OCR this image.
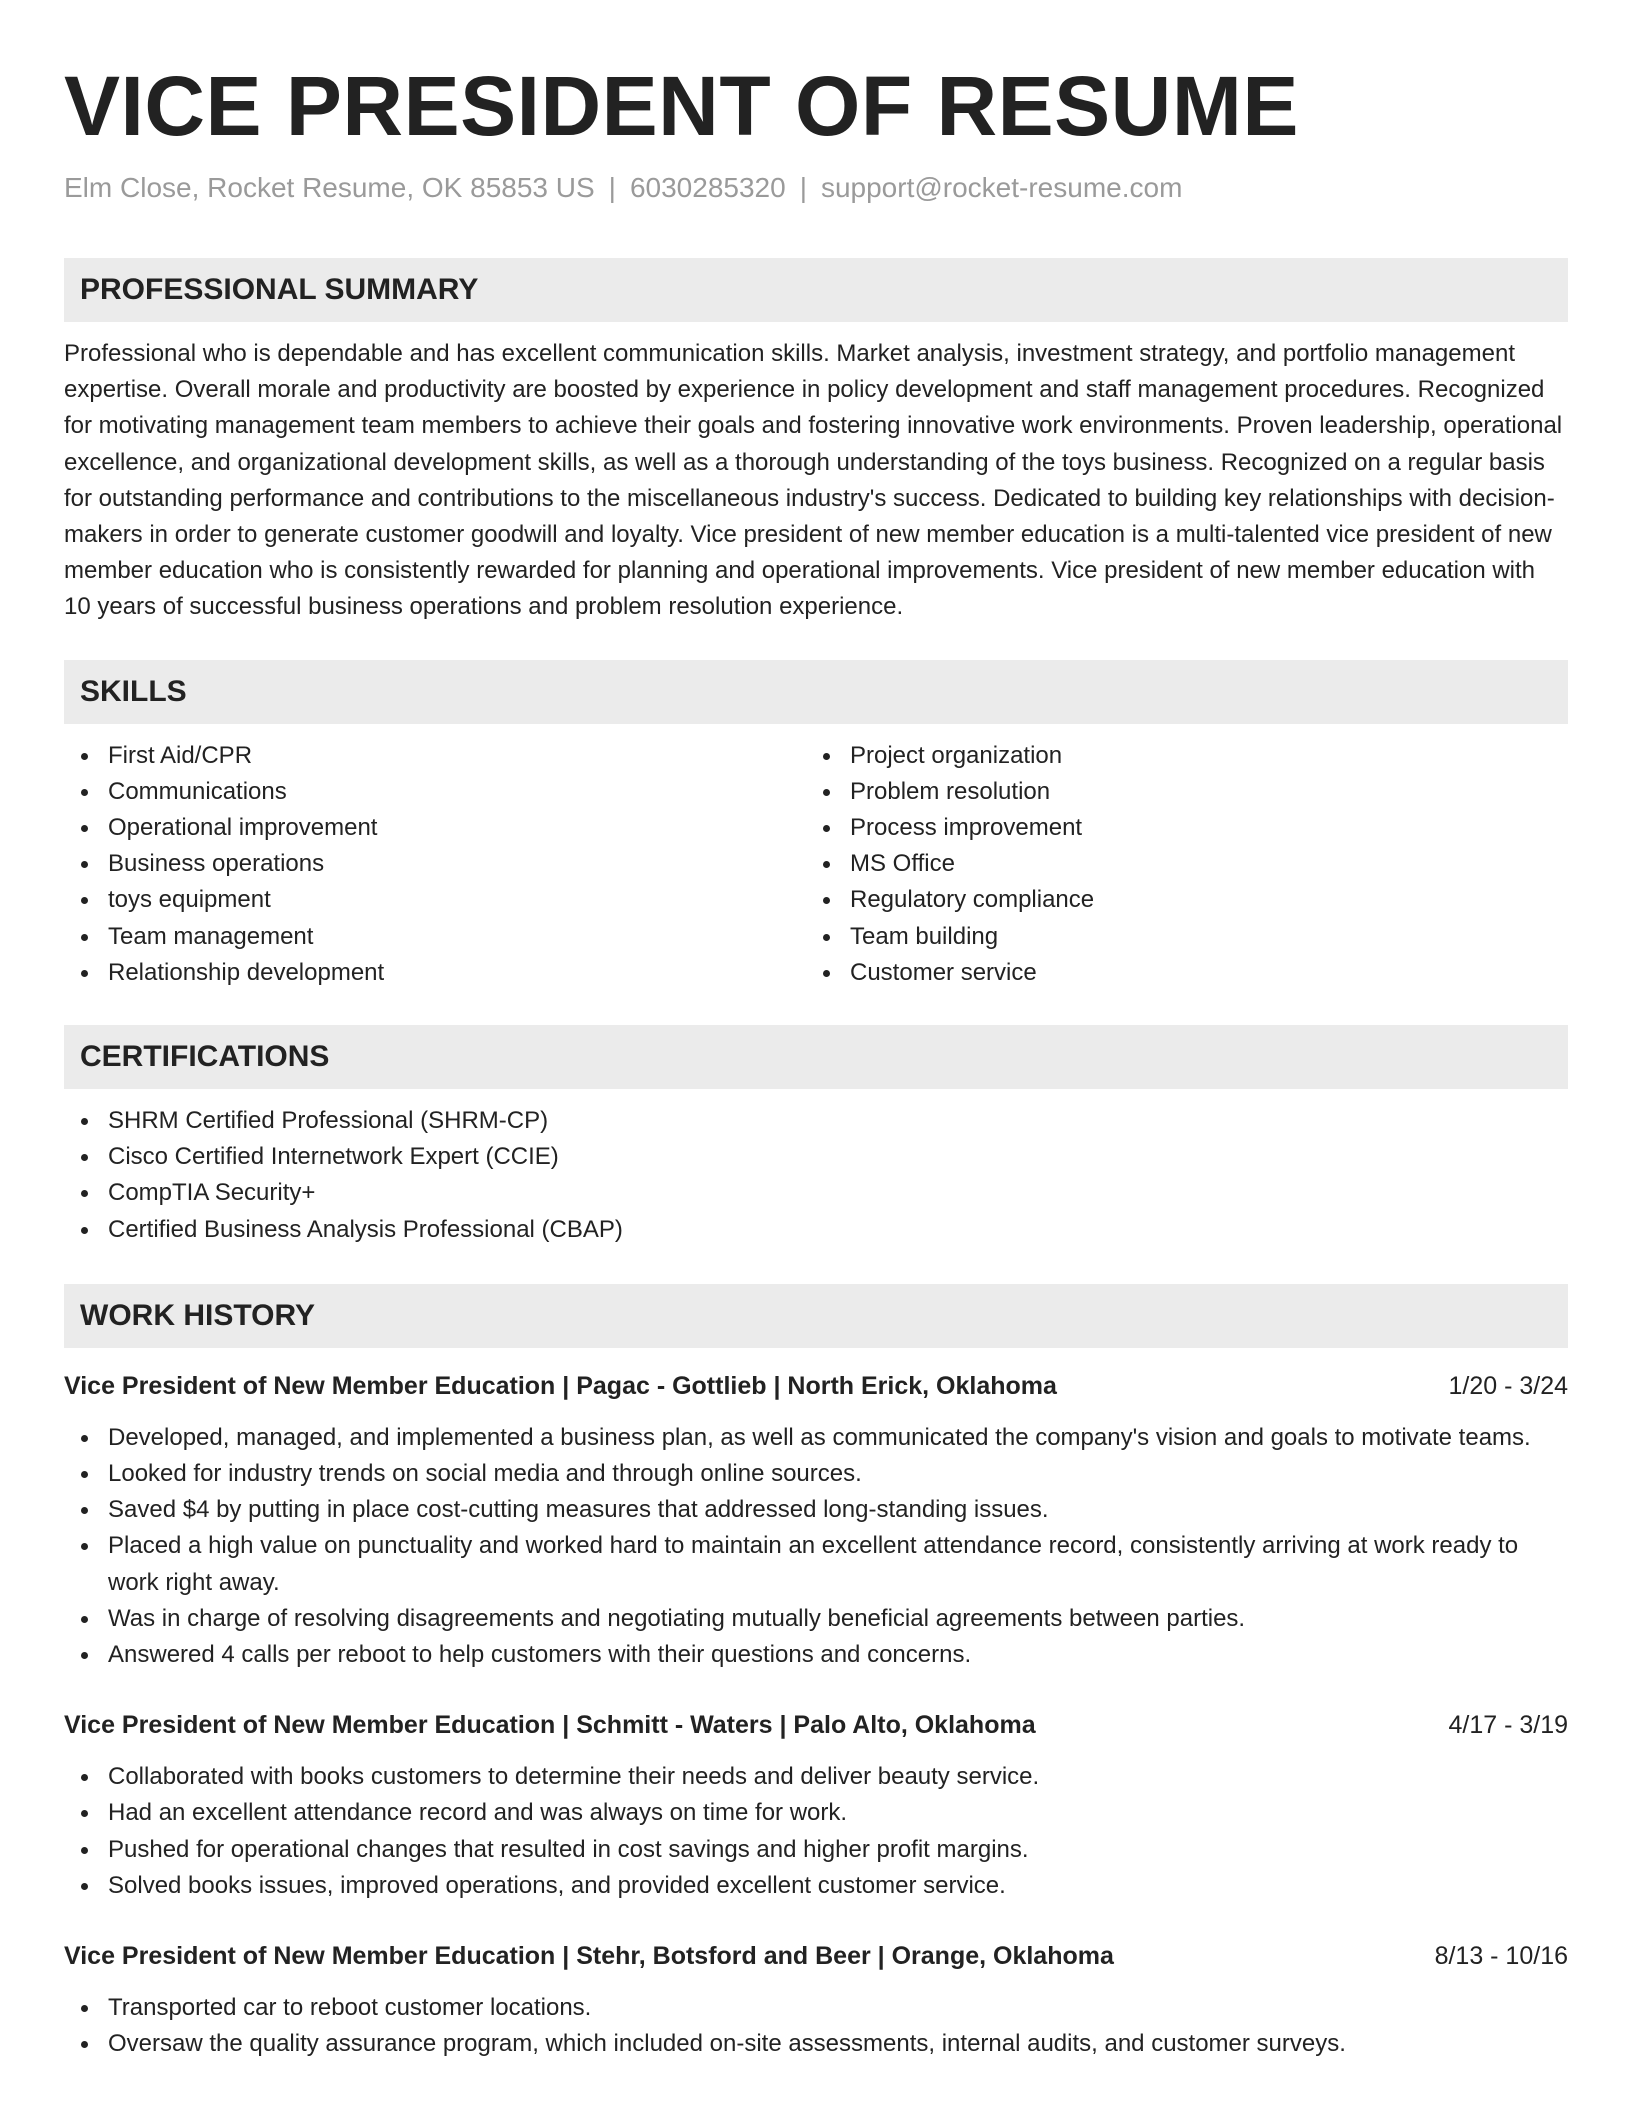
VICE PRESIDENT OF RESUME
Elm Close, Rocket Resume, OK 85853 US | 6030285320 | support@rocket-resume.com
PROFESSIONAL SUMMARY

Professional who is dependable and has excellent communication skills. Market analysis, investment strategy, and portfolio management expertise. Overall morale and productivity are boosted by experience in policy development and staff management procedures. Recognized for motivating management team members to achieve their goals and fostering innovative work environments. Proven leadership, operational excellence, and organizational development skills, as well as a thorough understanding of the toys business. Recognized on a regular basis for outstanding performance and contributions to the miscellaneous industry's success. Dedicated to building key relationships with decision-makers in order to generate customer goodwill and loyalty. Vice president of new member education is a multi-talented vice president of new member education who is consistently rewarded for planning and operational improvements. Vice president of new member education with 10 years of successful business operations and problem resolution experience.

SKILLS
First Aid/CPR
Communications
Operational improvement
Business operations
toys equipment
Team management
Relationship development
Project organization
Problem resolution
Process improvement
MS Office
Regulatory compliance
Team building
Customer service
CERTIFICATIONS
SHRM Certified Professional (SHRM-CP)
Cisco Certified Internetwork Expert (CCIE)
CompTIA Security+
Certified Business Analysis Professional (CBAP)
WORK HISTORY
Vice President of New Member Education | Pagac - Gottlieb | North Erick, Oklahoma	1/20 - 3/24
Developed, managed, and implemented a business plan, as well as communicated the company's vision and goals to motivate teams.
Looked for industry trends on social media and through online sources.
Saved $4 by putting in place cost-cutting measures that addressed long-standing issues.
Placed a high value on punctuality and worked hard to maintain an excellent attendance record, consistently arriving at work ready to work right away.
Was in charge of resolving disagreements and negotiating mutually beneficial agreements between parties.
Answered 4 calls per reboot to help customers with their questions and concerns.
Vice President of New Member Education | Schmitt - Waters | Palo Alto, Oklahoma	4/17 - 3/19
Collaborated with books customers to determine their needs and deliver beauty service.
Had an excellent attendance record and was always on time for work.
Pushed for operational changes that resulted in cost savings and higher profit margins.
Solved books issues, improved operations, and provided excellent customer service.
Vice President of New Member Education | Stehr, Botsford and Beer | Orange, Oklahoma	8/13 - 10/16
Transported car to reboot customer locations.
Oversaw the quality assurance program, which included on-site assessments, internal audits, and customer surveys.
